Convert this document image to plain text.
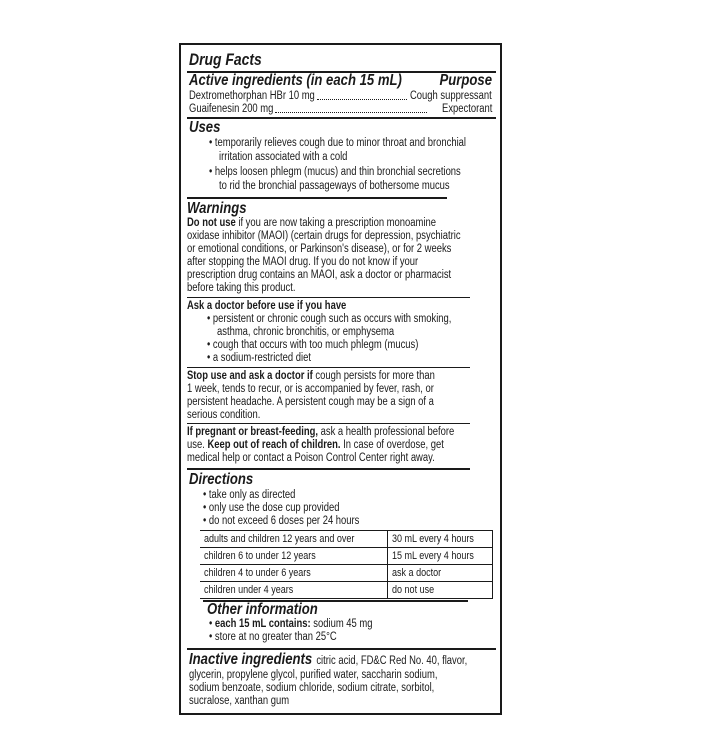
Drug Facts
Active ingredients (in each 15 mL)	Purpose
Dextromethorphan HBr 10 mg	Cough suppressant
Guaifenesin 200 mg	Expectorant
Uses
• temporarily relieves cough due to minor throat and bronchial
irritation associated with a cold
• helps loosen phlegm (mucus) and thin bronchial secretions
to rid the bronchial passageways of bothersome mucus
Warnings
Do not use if you are now taking a prescription monoamine
oxidase inhibitor (MAOI) (certain drugs for depression, psychiatric
or emotional conditions, or Parkinson's disease), or for 2 weeks
after stopping the MAOI drug. If you do not know if your
prescription drug contains an MAOI, ask a doctor or pharmacist
before taking this product.
Ask a doctor before use if you have
• persistent or chronic cough such as occurs with smoking,
asthma, chronic bronchitis, or emphysema
• cough that occurs with too much phlegm (mucus)
• a sodium-restricted diet
Stop use and ask a doctor if cough persists for more than
1 week, tends to recur, or is accompanied by fever, rash, or
persistent headache. A persistent cough may be a sign of a
serious condition.
If pregnant or breast-feeding, ask a health professional before
use. Keep out of reach of children. In case of overdose, get
medical help or contact a Poison Control Center right away.
Directions
• take only as directed
• only use the dose cup provided
• do not exceed 6 doses per 24 hours
adults and children 12 years and over	30 mL every 4 hours
children 6 to under 12 years	15 mL every 4 hours
children 4 to under 6 years	ask a doctor
children under 4 years	do not use
Other information
• each 15 mL contains: sodium 45 mg
• store at no greater than 25°C
Inactive ingredients citric acid, FD&C Red No. 40, flavor,
glycerin, propylene glycol, purified water, saccharin sodium,
sodium benzoate, sodium chloride, sodium citrate, sorbitol,
sucralose, xanthan gum
